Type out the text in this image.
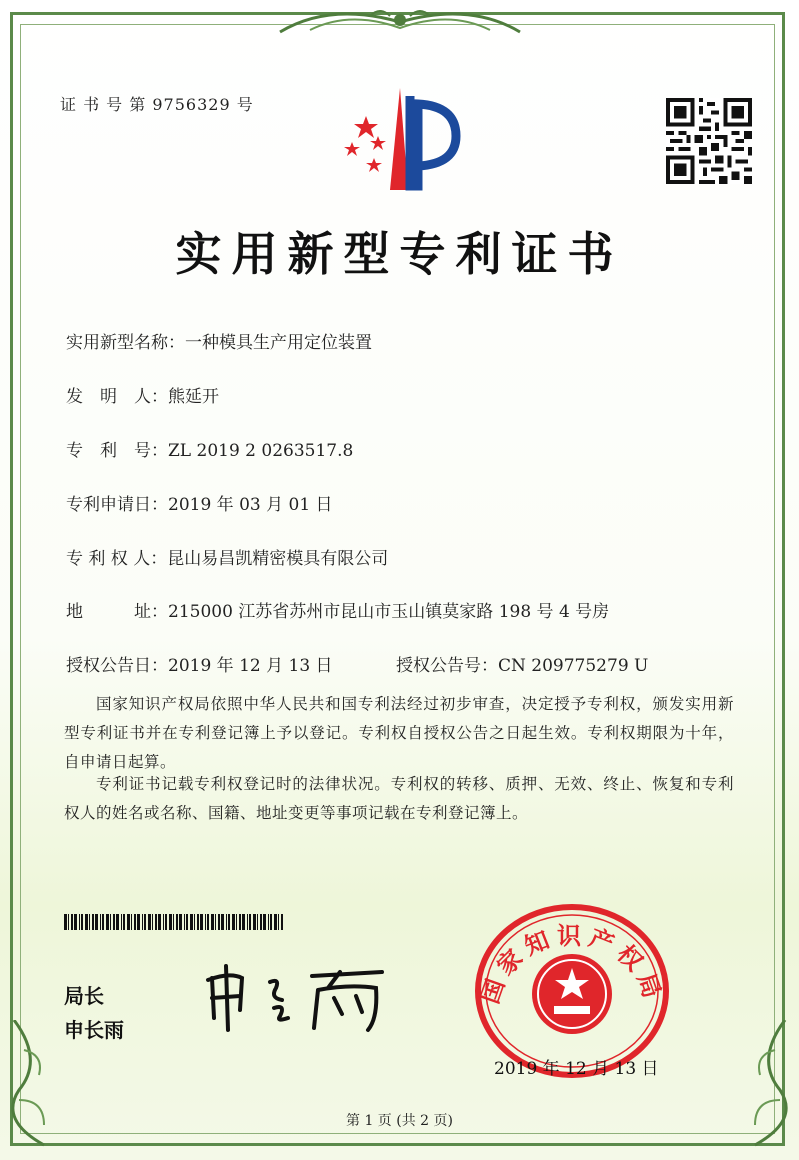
证 书 号 第 9756329 号
实用新型专利证书
实用新型名称：一种模具生产用定位装置
发　明　人：熊延开
专　利　号：ZL 2019 2 0263517.8
专利申请日：2019 年 03 月 01 日
专 利 权 人：昆山易昌凯精密模具有限公司
地　　　址：215000 江苏省苏州市昆山市玉山镇莫家路 198 号 4 号房
授权公告日：2019 年 12 月 13 日	授权公告号：CN 209775279 U
国家知识产权局依照中华人民共和国专利法经过初步审查，决定授予专利权，颁发实用新型专利证书并在专利登记簿上予以登记。专利权自授权公告之日起生效。专利权期限为十年，自申请日起算。
专利证书记载专利权登记时的法律状况。专利权的转移、质押、无效、终止、恢复和专利权人的姓名或名称、国籍、地址变更等事项记载在专利登记簿上。
局长
申长雨
国家知识产权局
2019 年 12 月 13 日
第 1 页 (共 2 页)
